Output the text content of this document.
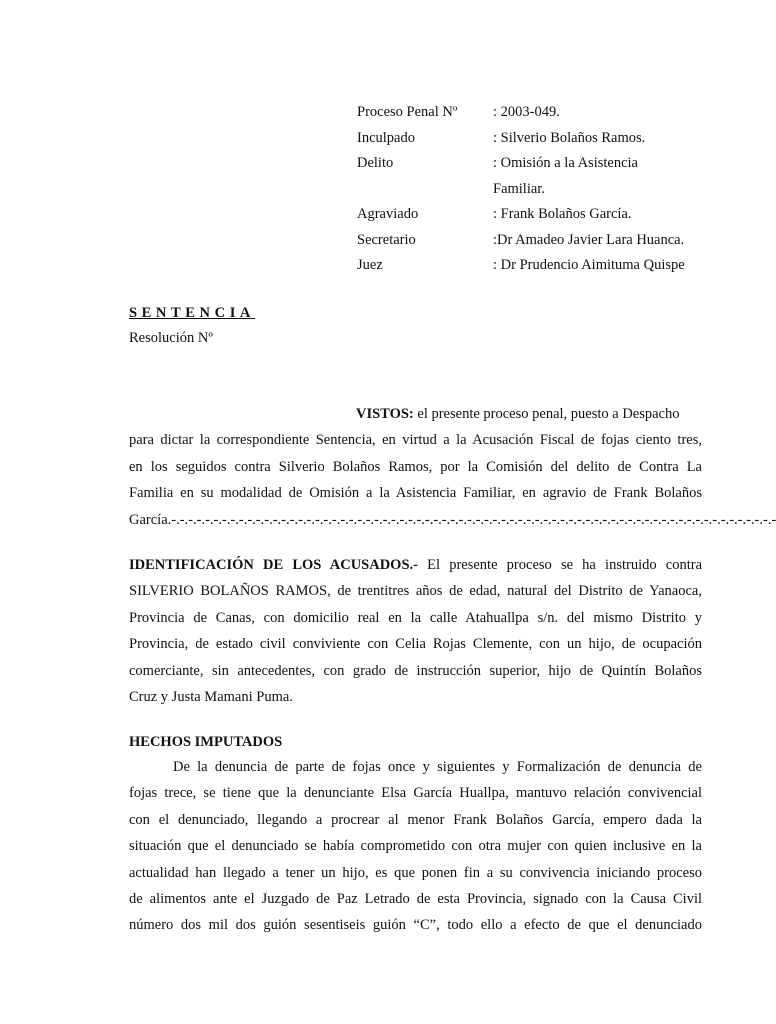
Proceso Penal Nº : 2003-049.
Inculpado	: Silverio Bolaños Ramos.
Delito	: Omisión a la Asistencia
Familiar.
Agraviado	: Frank Bolaños García.
Secretario	:Dr Amadeo Javier Lara Huanca.
Juez	: Dr Prudencio Aimituma Quispe
SENTENCIA
Resolución Nº
VISTOS: el presente proceso penal, puesto a Despacho
para dictar la correspondiente Sentencia, en virtud a la Acusación Fiscal de fojas ciento tres,
en los seguidos contra Silverio Bolaños Ramos, por la Comisión del delito de Contra La
Familia en su modalidad de Omisión a la Asistencia Familiar, en agravio de Frank Bolaños
García.-.-.-.-.-.-.-.-.-.-.-.-.-.-.-.-.-.-.-.-.-.-.-.-.-.-.-.-.-.-.-.-.-.-.-.-.-.-.-.-.-.-.-.-.-.-.-.-.-.-.-.-.-.-.-.-.-.-.-.-.-.-.-.-.-.-.-.-.-.-.-.-
IDENTIFICACIÓN DE LOS ACUSADOS.- El presente proceso se ha instruido contra
SILVERIO BOLAÑOS RAMOS, de trentitres años de edad, natural del Distrito de Yanaoca,
Provincia de Canas, con domicilio real en la calle Atahuallpa s/n. del mismo Distrito y
Provincia, de estado civil conviviente con Celia Rojas Clemente, con un hijo, de ocupación
comerciante, sin antecedentes, con grado de instrucción superior, hijo de Quintín Bolaños
Cruz y Justa Mamani Puma.
HECHOS IMPUTADOS
De la denuncia de parte de fojas once y siguientes y Formalización de denuncia de
fojas trece, se tiene que la denunciante Elsa García Huallpa, mantuvo relación convivencial
con el denunciado, llegando a procrear al menor Frank Bolaños García, empero dada la
situación que el denunciado se había comprometido con otra mujer con quien inclusive en la
actualidad han llegado a tener un hijo, es que ponen fin a su convivencia iniciando proceso
de alimentos ante el Juzgado de Paz Letrado de esta Provincia, signado con la Causa Civil
número dos mil dos guión sesentiseis guión “C”, todo ello a efecto de que el denunciado
